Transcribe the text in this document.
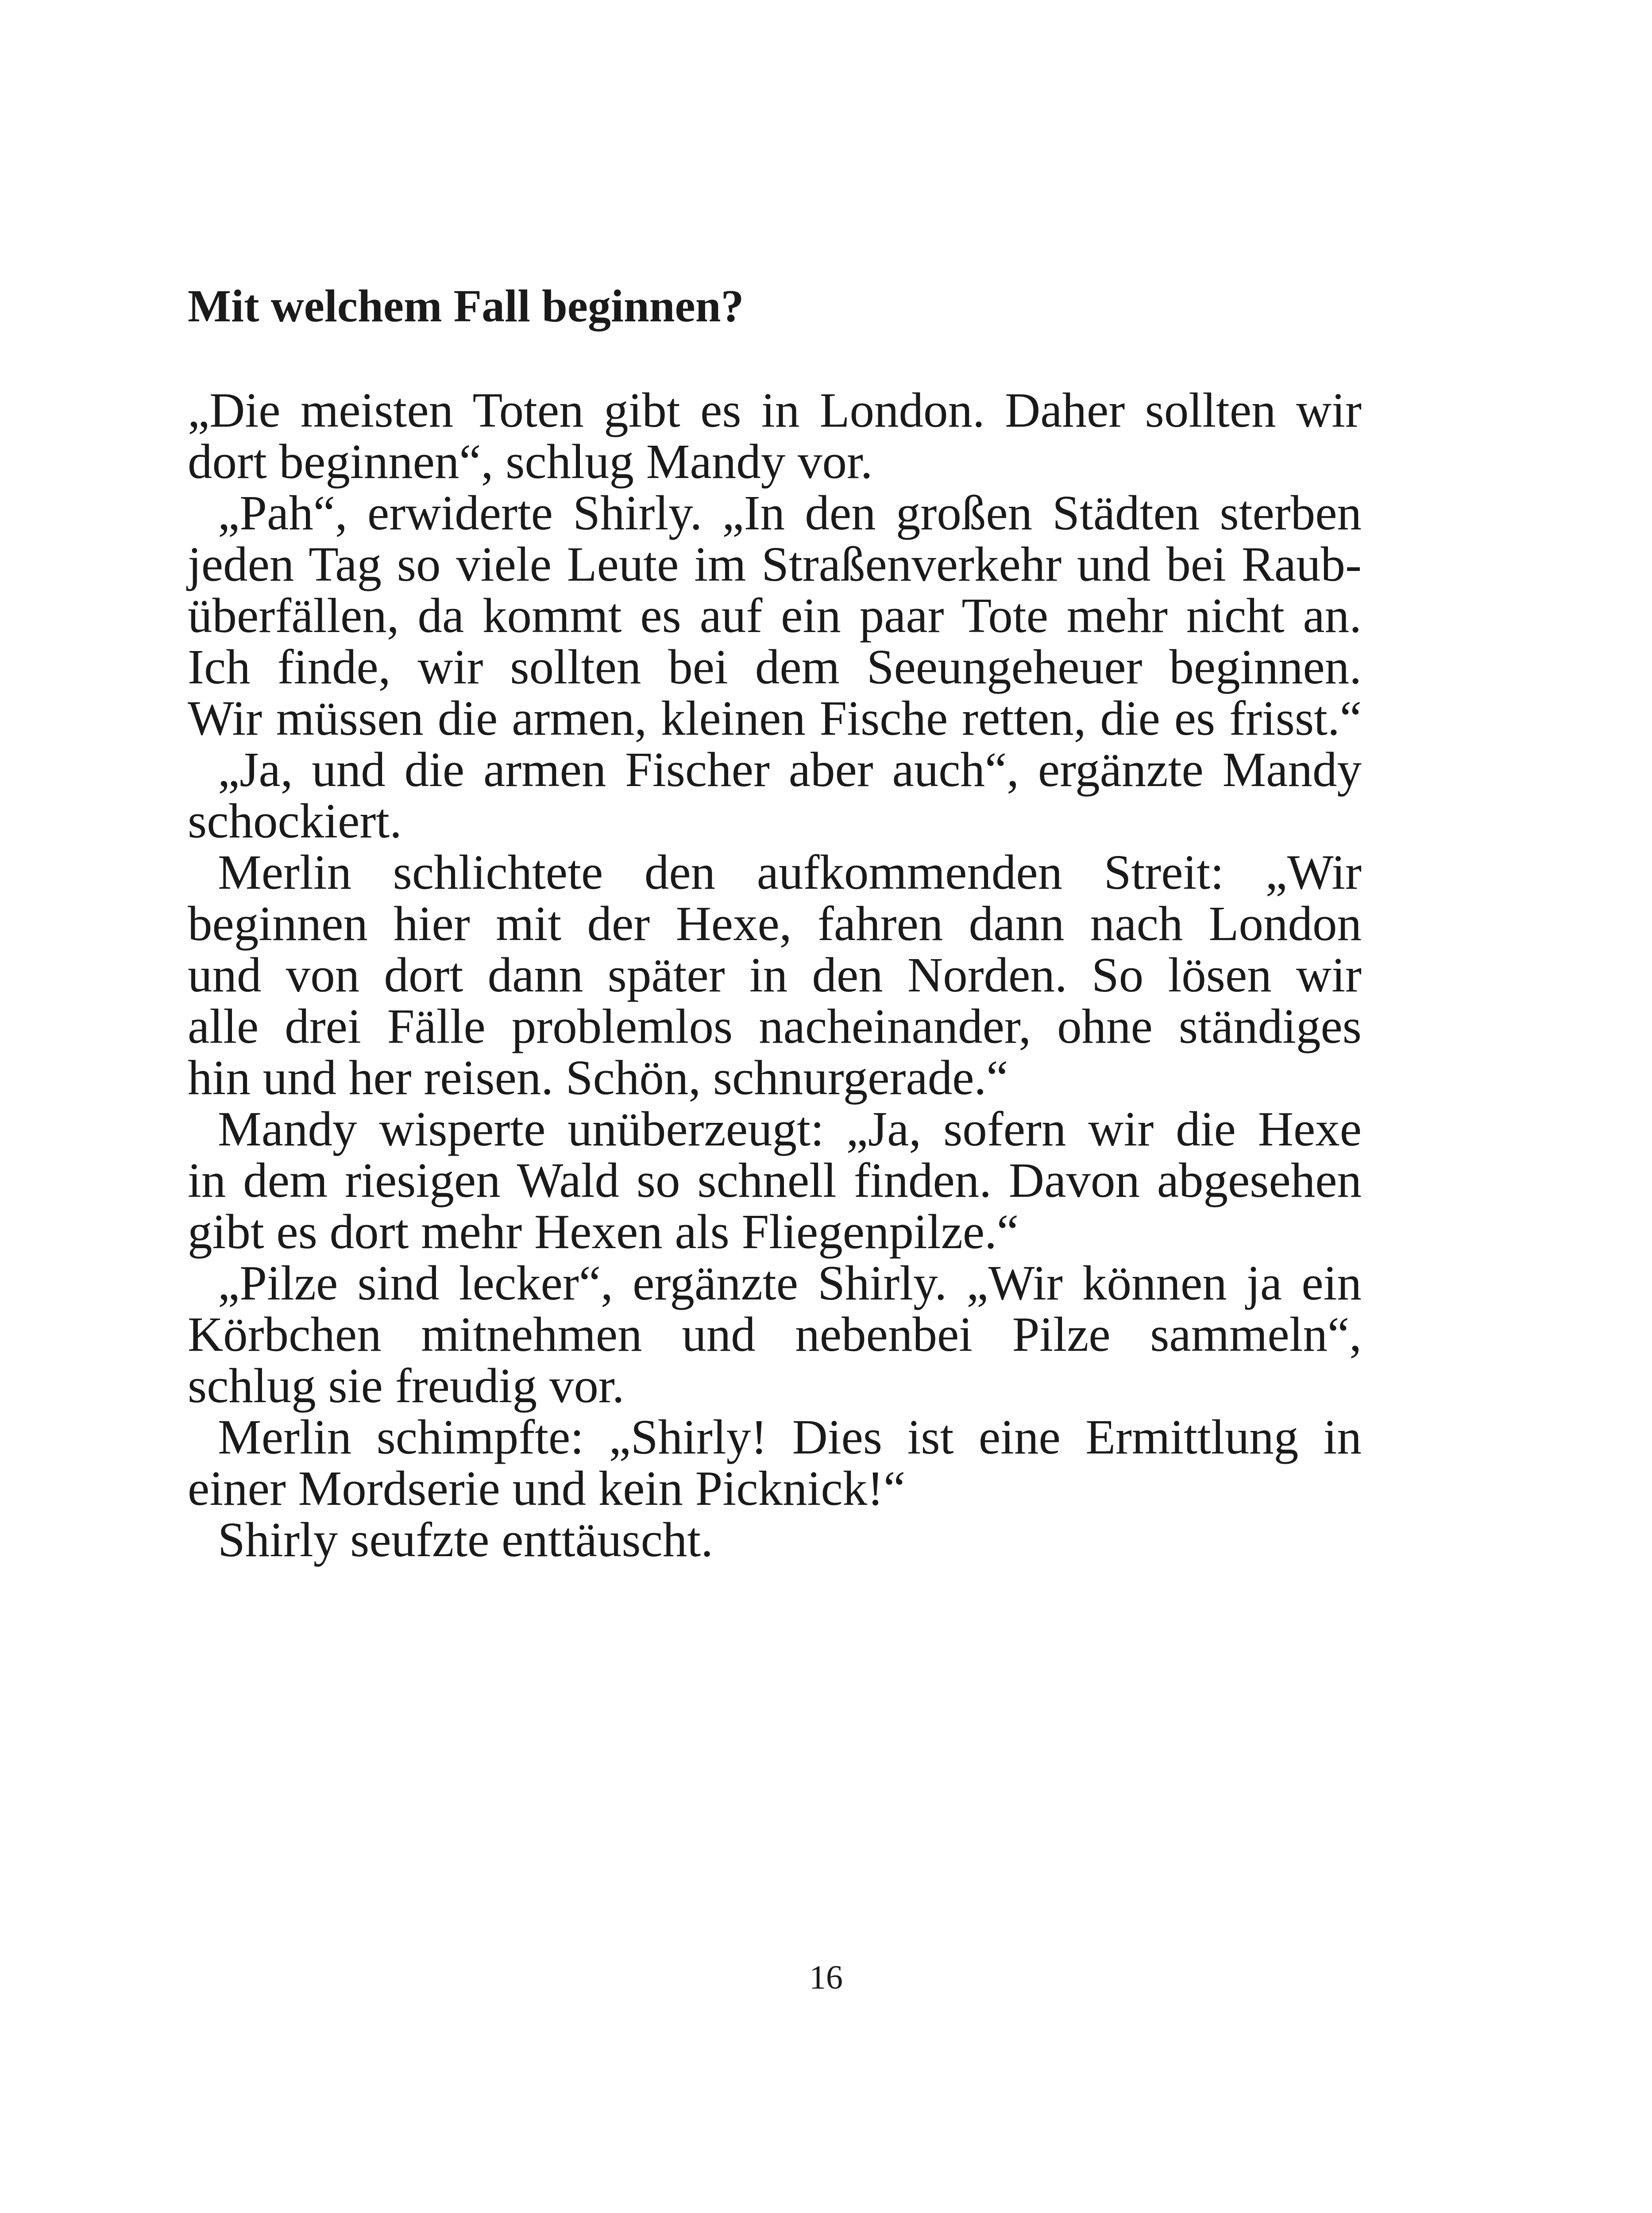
Mit welchem Fall beginnen?
„Die meisten Toten gibt es in London. Daher sollten wir
dort beginnen“, schlug Mandy vor.
„Pah“, erwiderte Shirly. „In den großen Städten sterben
jeden Tag so viele Leute im Straßenverkehr und bei Raub-
überfällen, da kommt es auf ein paar Tote mehr nicht an.
Ich finde, wir sollten bei dem Seeungeheuer beginnen.
Wir müssen die armen, kleinen Fische retten, die es frisst.“
„Ja, und die armen Fischer aber auch“, ergänzte Mandy
schockiert.
Merlin schlichtete den aufkommenden Streit: „Wir
beginnen hier mit der Hexe, fahren dann nach London
und von dort dann später in den Norden. So lösen wir
alle drei Fälle problemlos nacheinander, ohne ständiges
hin und her reisen. Schön, schnurgerade.“
Mandy wisperte unüberzeugt: „Ja, sofern wir die Hexe
in dem riesigen Wald so schnell finden. Davon abgesehen
gibt es dort mehr Hexen als Fliegenpilze.“
„Pilze sind lecker“, ergänzte Shirly. „Wir können ja ein
Körbchen mitnehmen und nebenbei Pilze sammeln“,
schlug sie freudig vor.
Merlin schimpfte: „Shirly! Dies ist eine Ermittlung in
einer Mordserie und kein Picknick!“
Shirly seufzte enttäuscht.
16
